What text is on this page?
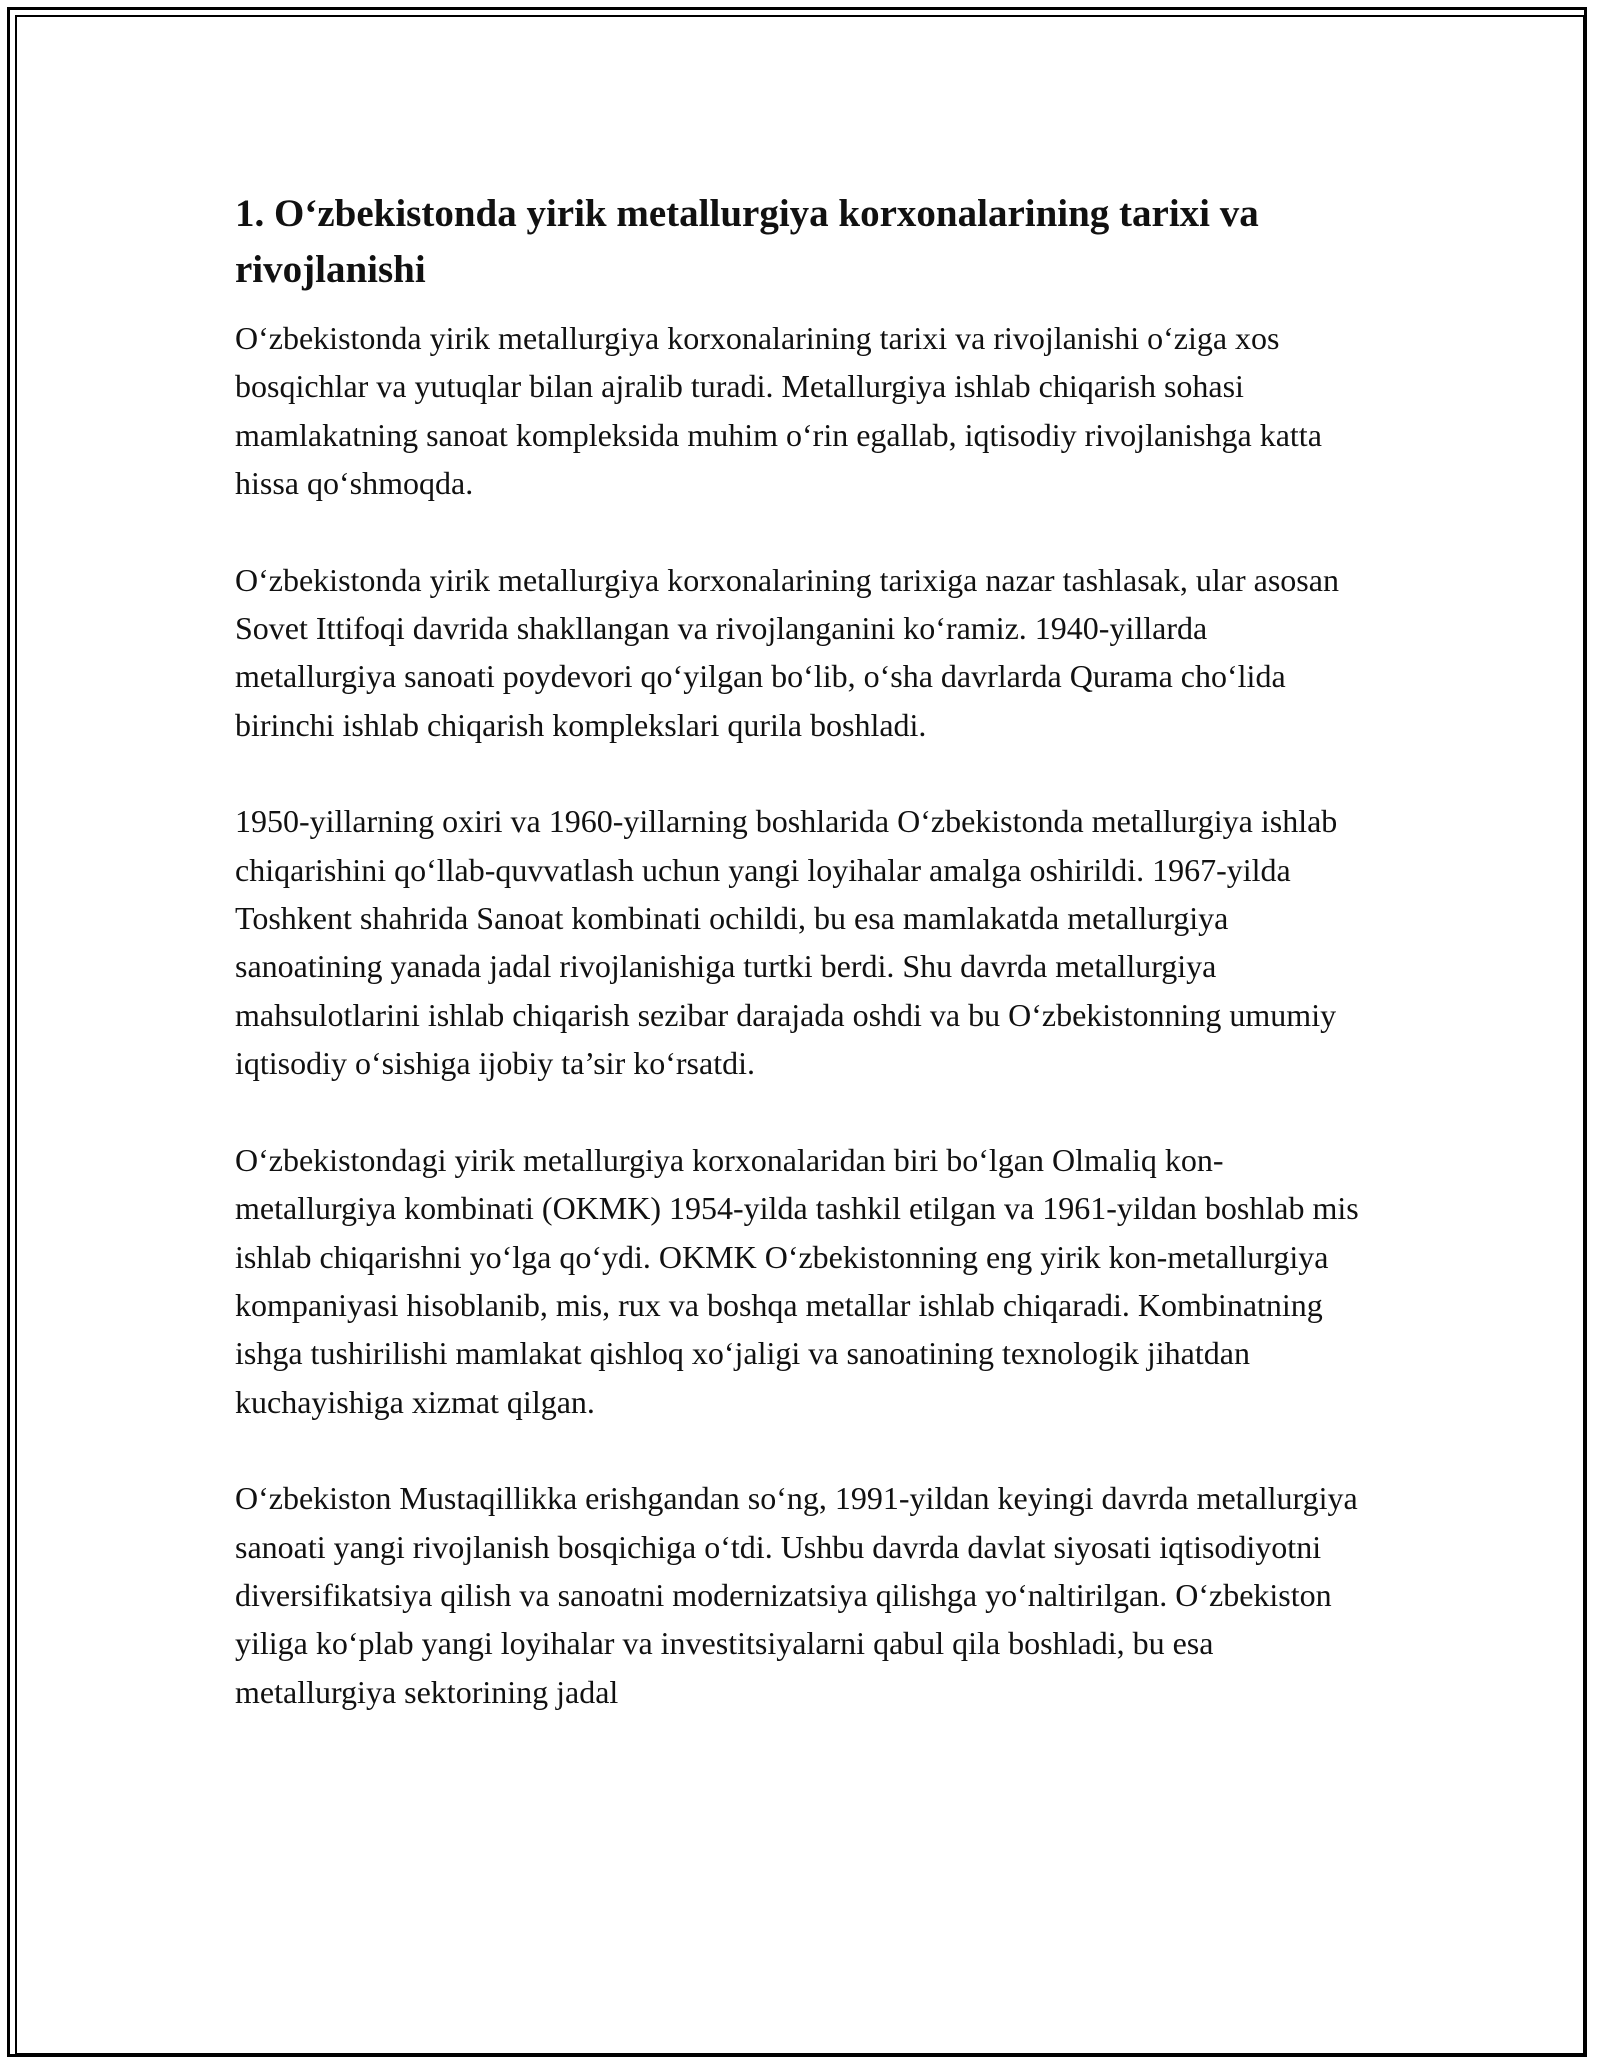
1. O‘zbekistonda yirik metallurgiya korxonalarining tarixi va rivojlanishi

O‘zbekistonda yirik metallurgiya korxonalarining tarixi va rivojlanishi o‘ziga xos bosqichlar va yutuqlar bilan ajralib turadi. Metallurgiya ishlab chiqarish sohasi mamlakatning sanoat kompleksida muhim o‘rin egallab, iqtisodiy rivojlanishga katta hissa qo‘shmoqda.

O‘zbekistonda yirik metallurgiya korxonalarining tarixiga nazar tashlasak, ular asosan Sovet Ittifoqi davrida shakllangan va rivojlanganini ko‘ramiz. 1940-yillarda metallurgiya sanoati poydevori qo‘yilgan bo‘lib, o‘sha davrlarda Qurama cho‘lida birinchi ishlab chiqarish komplekslari qurila boshladi.

1950-yillarning oxiri va 1960-yillarning boshlarida O‘zbekistonda metallurgiya ishlab chiqarishini qo‘llab-quvvatlash uchun yangi loyihalar amalga oshirildi. 1967-yilda Toshkent shahrida Sanoat kombinati ochildi, bu esa mamlakatda metallurgiya sanoatining yanada jadal rivojlanishiga turtki berdi. Shu davrda metallurgiya mahsulotlarini ishlab chiqarish sezibar darajada oshdi va bu O‘zbekistonning umumiy iqtisodiy o‘sishiga ijobiy ta’sir ko‘rsatdi.

O‘zbekistondagi yirik metallurgiya korxonalaridan biri bo‘lgan Olmaliq kon-metallurgiya kombinati (OKMK) 1954-yilda tashkil etilgan va 1961-yildan boshlab mis ishlab chiqarishni yo‘lga qo‘ydi. OKMK O‘zbekistonning eng yirik kon-metallurgiya kompaniyasi hisoblanib, mis, rux va boshqa metallar ishlab chiqaradi. Kombinatning ishga tushirilishi mamlakat qishloq xo‘jaligi va sanoatining texnologik jihatdan kuchayishiga xizmat qilgan.

O‘zbekiston Mustaqillikka erishgandan so‘ng, 1991-yildan keyingi davrda metallurgiya sanoati yangi rivojlanish bosqichiga o‘tdi. Ushbu davrda davlat siyosati iqtisodiyotni diversifikatsiya qilish va sanoatni modernizatsiya qilishga yo‘naltirilgan. O‘zbekiston yiliga ko‘plab yangi loyihalar va investitsiyalarni qabul qila boshladi, bu esa metallurgiya sektorining jadal
